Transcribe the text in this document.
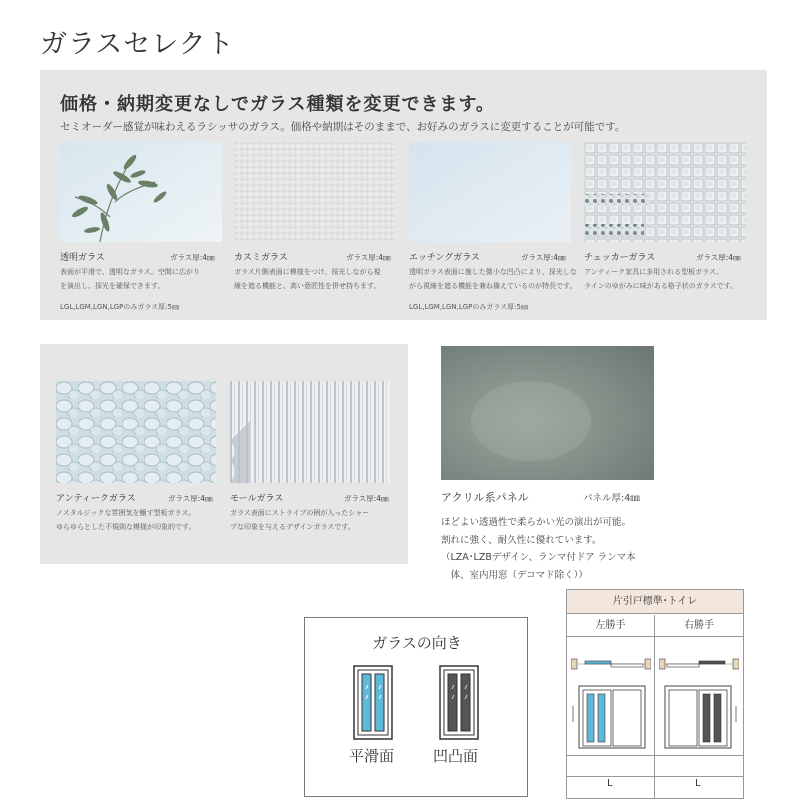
ガラスセレクト
価格・納期変更なしでガラス種類を変更できます。
セミオーダー感覚が味わえるラシッサのガラス。価格や納期はそのままで、お好みのガラスに変更することが可能です。
透明ガラス	ガラス厚:4㎜
表面が平滑で、透明なガラス。空間に広がり
を演出し、採光を確保できます。
LGL,LGM,LGN,LGPのみガラス厚:5㎜
カスミガラス	ガラス厚:4㎜
ガラス片側表面に模様をつけ、採光しながら視
線を遮る機能と、高い意匠性を併せ持ちます。
エッチングガラス	ガラス厚:4㎜
透明ガラス表面に施した微小な凹凸により、採光しな
がら視線を遮る機能を兼ね備えているのが特長です。
LGL,LGM,LGN,LGPのみガラス厚:5㎜
チェッカーガラス	ガラス厚:4㎜
アンティーク家具に多用される型板ガラス。
ラインのゆがみに味がある格子状のガラスです。
アンティークガラス	ガラス厚:4㎜
ノスタルジックな雰囲気を醸す型板ガラス。
ゆらゆらとした不規則な模様が印象的です。
モールガラス	ガラス厚:4㎜
ガラス表面にストライプの柄が入ったシャー
プな印象を与えるデザインガラスです。
アクリル系パネル	パネル厚:4㎜
ほどよい透過性で柔らかい光の演出が可能。
割れに強く、耐久性に優れています。
（LZA･LZBデザイン、ランマ付ドア ランマ本
　体、室内用窓（デコマド除く））
ガラスの向き
平滑面	凹凸面
片引戸標準･トイレ
左勝手	右勝手
L	L
